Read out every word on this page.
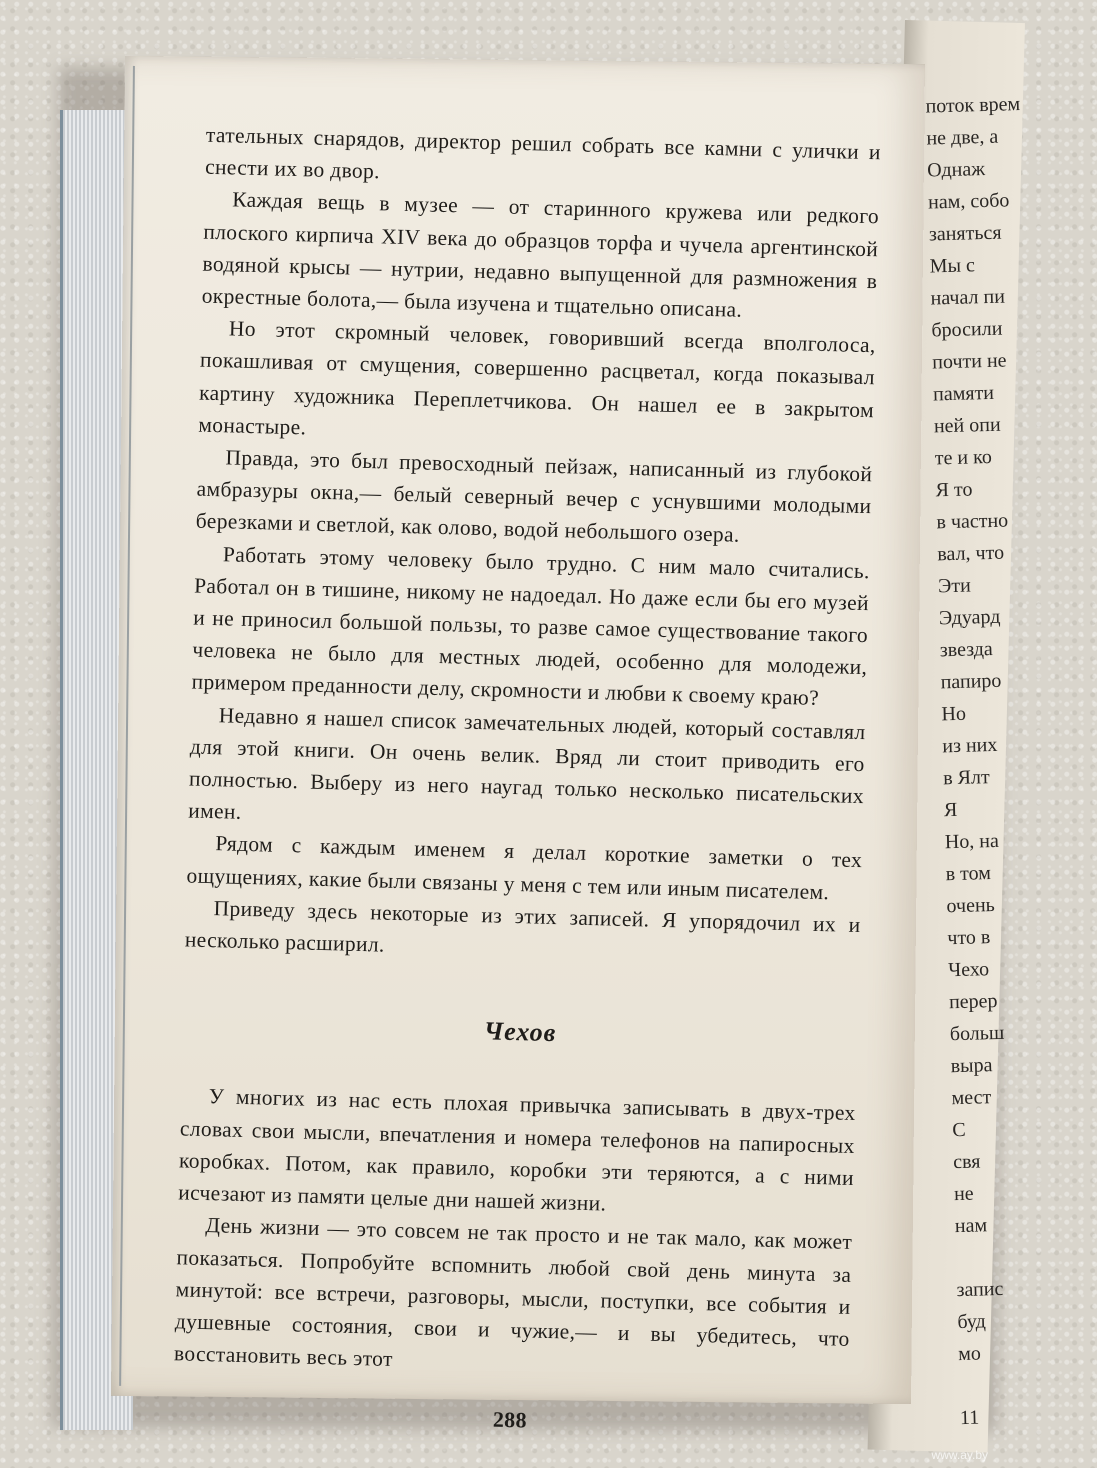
поток врем
не две, а
Однаж
нам, собо
заняться
Мы с
начал пи
бросили
почти не
памяти
ней опи
те и ко
Я то
в частно
вал, что
Эти
Эдуард
звезда
папиро
Но
из них
в Ялт
Я
Но, на
в том
очень
что в
Чехо
перер
больш
выра
мест
С
свя
не
нам
запис
буд
мо
11

тательных снарядов, директор решил собрать все камни с улички и снести их во двор.

Каждая вещь в музее — от старинного кружева или редкого плоского кирпича XIV века до образцов торфа и чучела аргентинской водяной крысы — нутрии, недавно выпущенной для размножения в окрестные болота,— была изучена и тщательно описана.

Но этот скромный человек, говоривший всегда вполголоса, покашливая от смущения, совершенно расцветал, когда показывал картину художника Переплетчикова. Он нашел ее в закрытом монастыре.

Правда, это был превосходный пейзаж, написанный из глубокой амбразуры окна,— белый северный вечер с уснувшими молодыми березками и светлой, как олово, водой небольшого озера.

Работать этому человеку было трудно. С ним мало считались. Работал он в тишине, никому не надоедал. Но даже если бы его музей и не приносил большой пользы, то разве самое существование такого человека не было для местных людей, особенно для молодежи, примером преданности делу, скромности и любви к своему краю?

Недавно я нашел список замечательных людей, который составлял для этой книги. Он очень велик. Вряд ли стоит приводить его полностью. Выберу из него наугад только несколько писательских имен.

Рядом с каждым именем я делал короткие заметки о тех ощущениях, какие были связаны у меня с тем или иным писателем.

Приведу здесь некоторые из этих записей. Я упорядочил их и несколько расширил.

Чехов

У многих из нас есть плохая привычка записывать в двух-трех словах свои мысли, впечатления и номера телефонов на папиросных коробках. Потом, как правило, коробки эти теряются, а с ними исчезают из памяти целые дни нашей жизни.

День жизни — это совсем не так просто и не так мало, как может показаться. Попробуйте вспомнить любой свой день минута за минутой: все встречи, разговоры, мысли, поступки, все события и душевные состояния, свои и чужие,— и вы убедитесь, что восстановить весь этот

288
www.ay.by
